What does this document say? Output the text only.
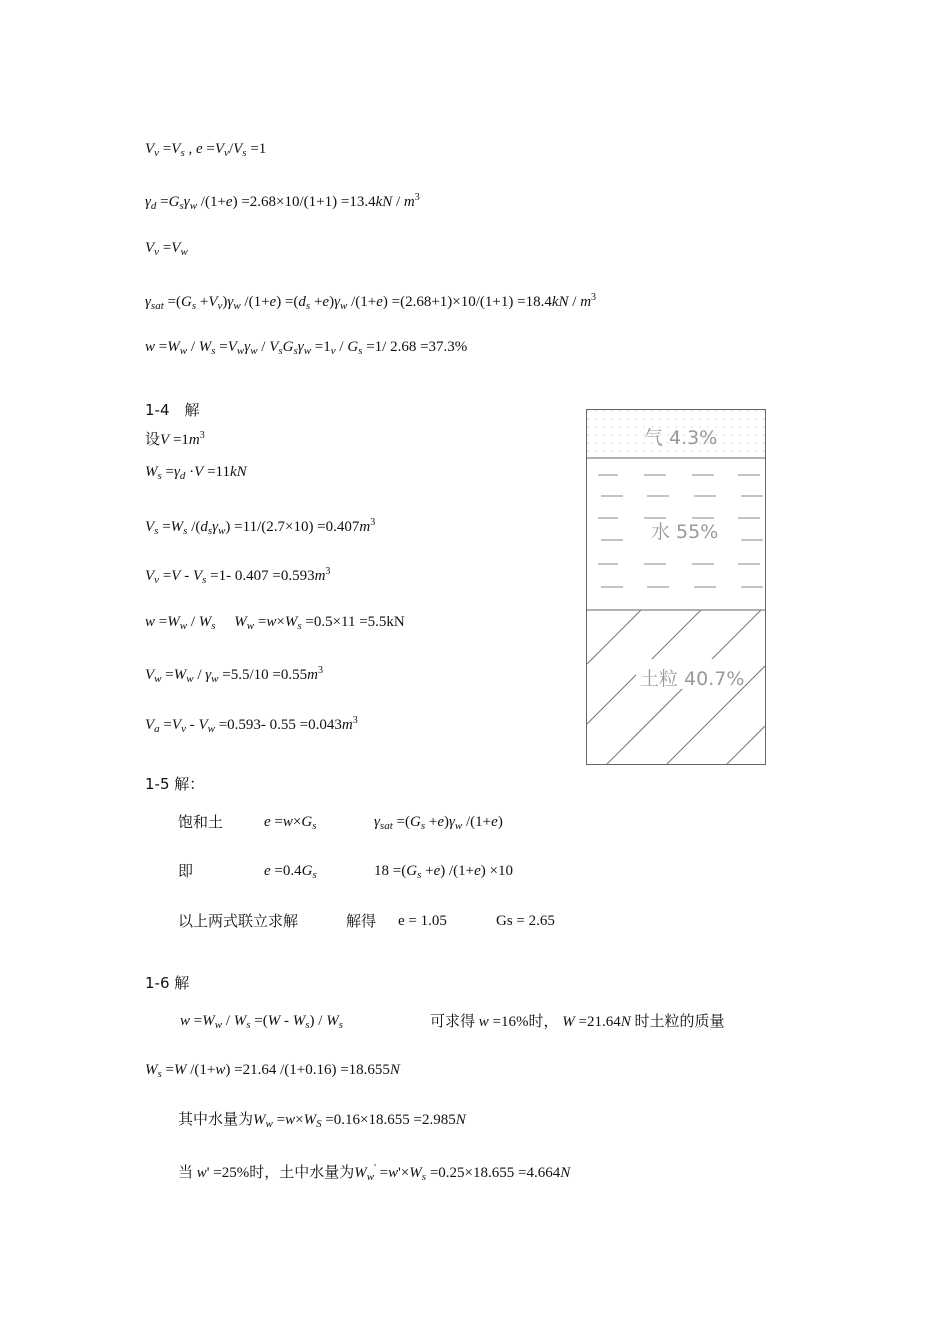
$V_v =V_s$ , $e =V_v/V_s =1$
$\gamma_d =G_s\gamma_w$ $/(1+e) =2.68\times 10/(1+1) =13.4kN / m^3$
$V_v =V_w$
$\gamma_{sat} =(G_s +V_v)\gamma_w$ $/(1+e) =(d_s +e)\gamma_w$ $/(1+e) =(2.68+1)\times 10/(1+1) =18.4kN / m^3$
$w =W_w / W_s =V_w\gamma_w / V_sG_s\gamma_w =1_v / G_s =1/$ 2.68 =37.3%
1-4　解
设$V =1m^3$
$W_s =\gamma_d \cdot V =11kN$
$V_s =W_s$ $/(d_s\gamma_w) =11/(2.7\times 10) =0.407m^3$
$V_v =V - V_s =1-$ $0.407 =0.593m^3$
$w =W_w / W_s$ $W_w =w\times W_s =0.5\times 11 =5.5kN$
$V_w =W_w / \gamma_w =5.5/10 =0.55m^3$
$V_a =V_v - V_w =0.593-$ $0.55 =0.043m^3$
气 4.3%
水 55%
土粒 40.7%
1-5 解：
饱和土	$e =w\times G_s$	$\gamma_{sat} =(G_s +e)\gamma_w$ /(1+e)
即	$e =0.4G_s$	$18 =(G_s +e)$ /(1+e) ×10
以上两式联立求解	解得 e = 1.05	Gs = 2.65
1-6 解
$w =W_w / W_s =(W - W_s) / W_s$	可求得 w =16%时， W =21.64N 时土粒的质量
$W_s =W$ /(1+w) =21.64 /(1+0.16) =18.655N
其中水量为$W_w =w\times W_S =0.16\times 18.655 =2.985N$
当 w' =25%时，土中水量为$W_w' =w'\times W_s =0.25\times 18.655 =4.664N$
